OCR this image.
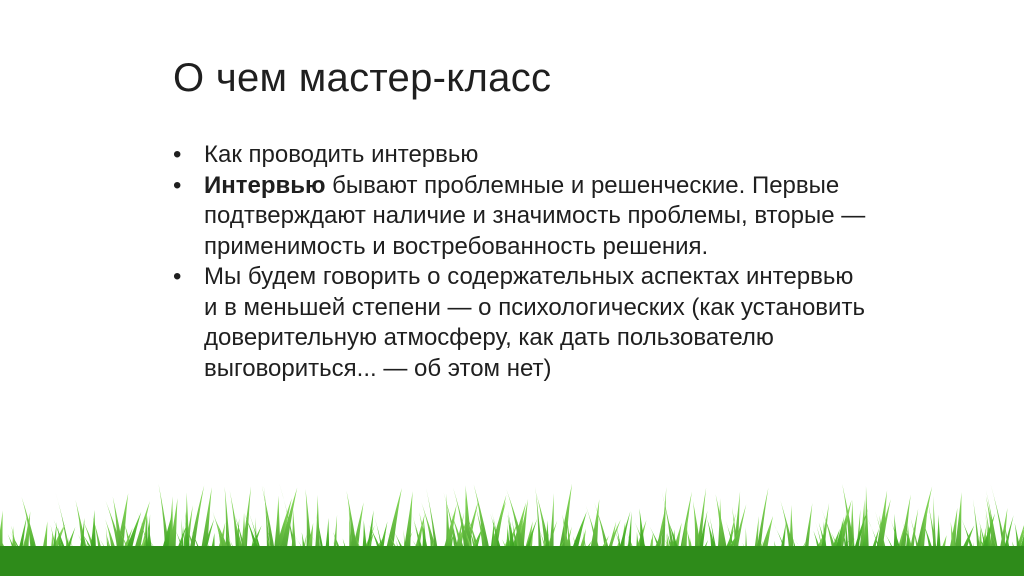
О чем мастер-класс
• Как проводить интервью
• Интервью бывают проблемные и решенческие. Первые подтверждают наличие и значимость проблемы, вторые — применимость и востребованность решения.
• Мы будем говорить о содержательных аспектах интервью и в меньшей степени — о психологических (как установить доверительную атмосферу, как дать пользователю выговориться... — об этом нет)
